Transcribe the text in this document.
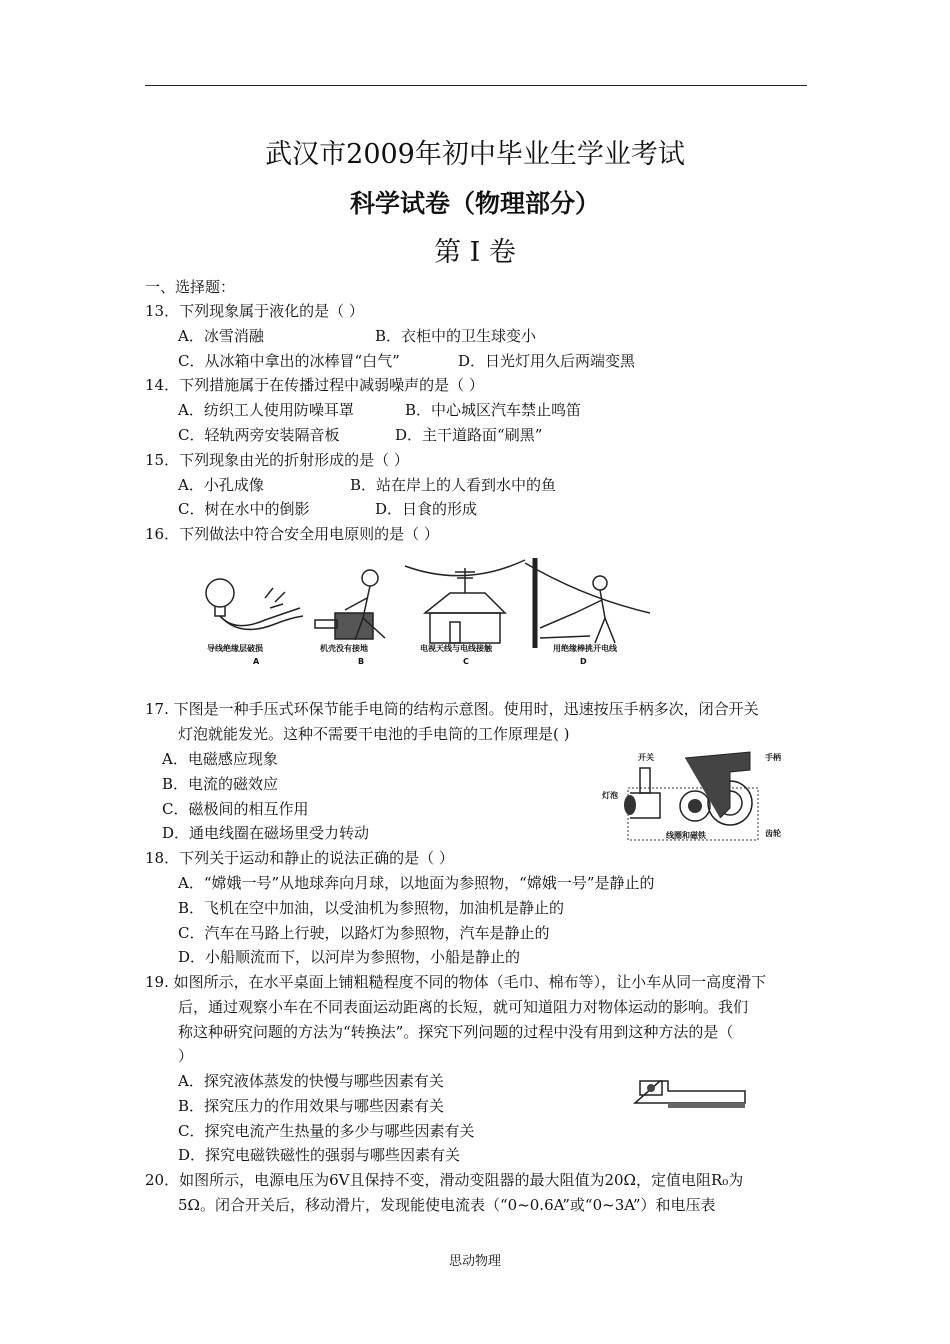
武汉市2009年初中毕业生学业考试
科学试卷（物理部分）
第 I 卷
一、选择题：
13．下列现象属于液化的是（ ）
A．冰雪消融	B．衣柜中的卫生球变小
C．从冰箱中拿出的冰棒冒“白气”	D．日光灯用久后两端变黑
14．下列措施属于在传播过程中减弱噪声的是（ ）
A．纺织工人使用防噪耳罩	B．中心城区汽车禁止鸣笛
C．轻轨两旁安装隔音板	D．主干道路面“刷黑”
15．下列现象由光的折射形成的是（ ）
A．小孔成像	B．站在岸上的人看到水中的鱼
C．树在水中的倒影	D．日食的形成
16．下列做法中符合安全用电原则的是（ ）
导线绝缘层破损	机壳没有接地	电视天线与电线接触	用绝缘棒挑开电线
A	B	C	D
17. 下图是一种手压式环保节能手电筒的结构示意图。使用时，迅速按压手柄多次，闭合开关
灯泡就能发光。这种不需要干电池的手电筒的工作原理是( )
A．电磁感应现象
B．电流的磁效应
C．磁极间的相互作用
D．通电线圈在磁场里受力转动
开关	手柄
灯泡
线圈和磁铁	齿轮
18．下列关于运动和静止的说法正确的是（ ）
A．“嫦娥一号”从地球奔向月球，以地面为参照物，“嫦娥一号”是静止的
B．飞机在空中加油，以受油机为参照物，加油机是静止的
C．汽车在马路上行驶，以路灯为参照物，汽车是静止的
D．小船顺流而下，以河岸为参照物，小船是静止的
19. 如图所示，在水平桌面上铺粗糙程度不同的物体（毛巾、棉布等），让小车从同一高度滑下
后，通过观察小车在不同表面运动距离的长短，就可知道阻力对物体运动的影响。我们
称这种研究问题的方法为“转换法”。探究下列问题的过程中没有用到这种方法的是（
）
A．探究液体蒸发的快慢与哪些因素有关
B．探究压力的作用效果与哪些因素有关
C．探究电流产生热量的多少与哪些因素有关
D．探究电磁铁磁性的强弱与哪些因素有关
20．如图所示，电源电压为6V且保持不变，滑动变阻器的最大阻值为20Ω，定值电阻R₀为
5Ω。闭合开关后，移动滑片，发现能使电流表（“0~0.6A”或“0~3A”）和电压表
思动物理
